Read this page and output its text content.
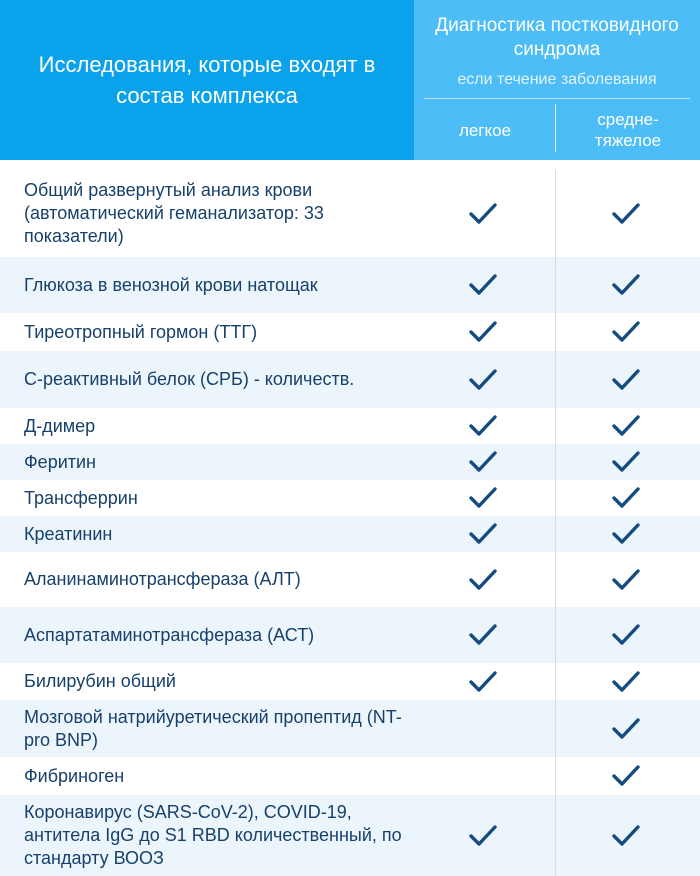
Исследования, которые входят в состав комплекса
Диагностика постковидного синдрома
если течение заболевания
легкое
средне-
тяжелое
Общий развернутый анализ крови (автоматический геманализатор: 33 показатели)
Глюкоза в венозной крови натощак
Тиреотропный гормон (ТТГ)
С-реактивный белок (СРБ) - количеств.
Д-димер
Феритин
Трансферрин
Креатинин
Аланинаминотрансфераза (АЛТ)
Аспартатаминотрансфераза (АСТ)
Билирубин общий
Мозговой натрийуретический пропептид (NT-pro BNP)
Фибриноген
Коронавирус (SARS-CoV-2), COVID-19, антитела IgG до S1 RBD количественный, по стандарту ВООЗ
